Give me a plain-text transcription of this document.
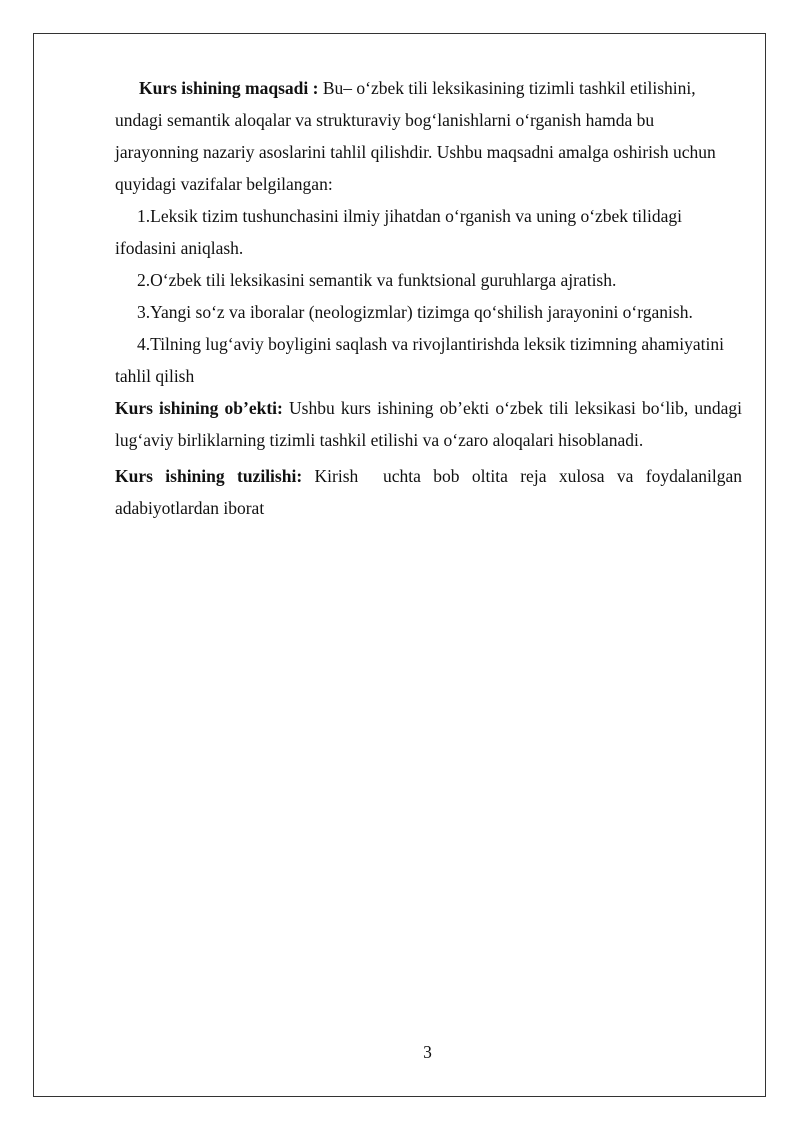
Kurs ishining maqsadi : Bu– o‘zbek tili leksikasining tizimli tashkil etilishini, undagi semantik aloqalar va strukturaviy bog‘lanishlarni o‘rganish hamda bu jarayonning nazariy asoslarini tahlil qilishdir. Ushbu maqsadni amalga oshirish uchun quyidagi vazifalar belgilangan:

1.Leksik tizim tushunchasini ilmiy jihatdan o‘rganish va uning o‘zbek tilidagi ifodasini aniqlash.

2.O‘zbek tili leksikasini semantik va funktsional guruhlarga ajratish.

3.Yangi so‘z va iboralar (neologizmlar) tizimga qo‘shilish jarayonini o‘rganish.

4.Tilning lug‘aviy boyligini saqlash va rivojlantirishda leksik tizimning ahamiyatini tahlil qilish

Kurs ishining ob’ekti: Ushbu kurs ishining ob’ekti o‘zbek tili leksikasi bo‘lib, undagi lug‘aviy birliklarning tizimli tashkil etilishi va o‘zaro aloqalari hisoblanadi.

Kurs ishining tuzilishi: Kirish  uchta bob oltita reja xulosa va foydalanilgan adabiyotlardan iborat

3
